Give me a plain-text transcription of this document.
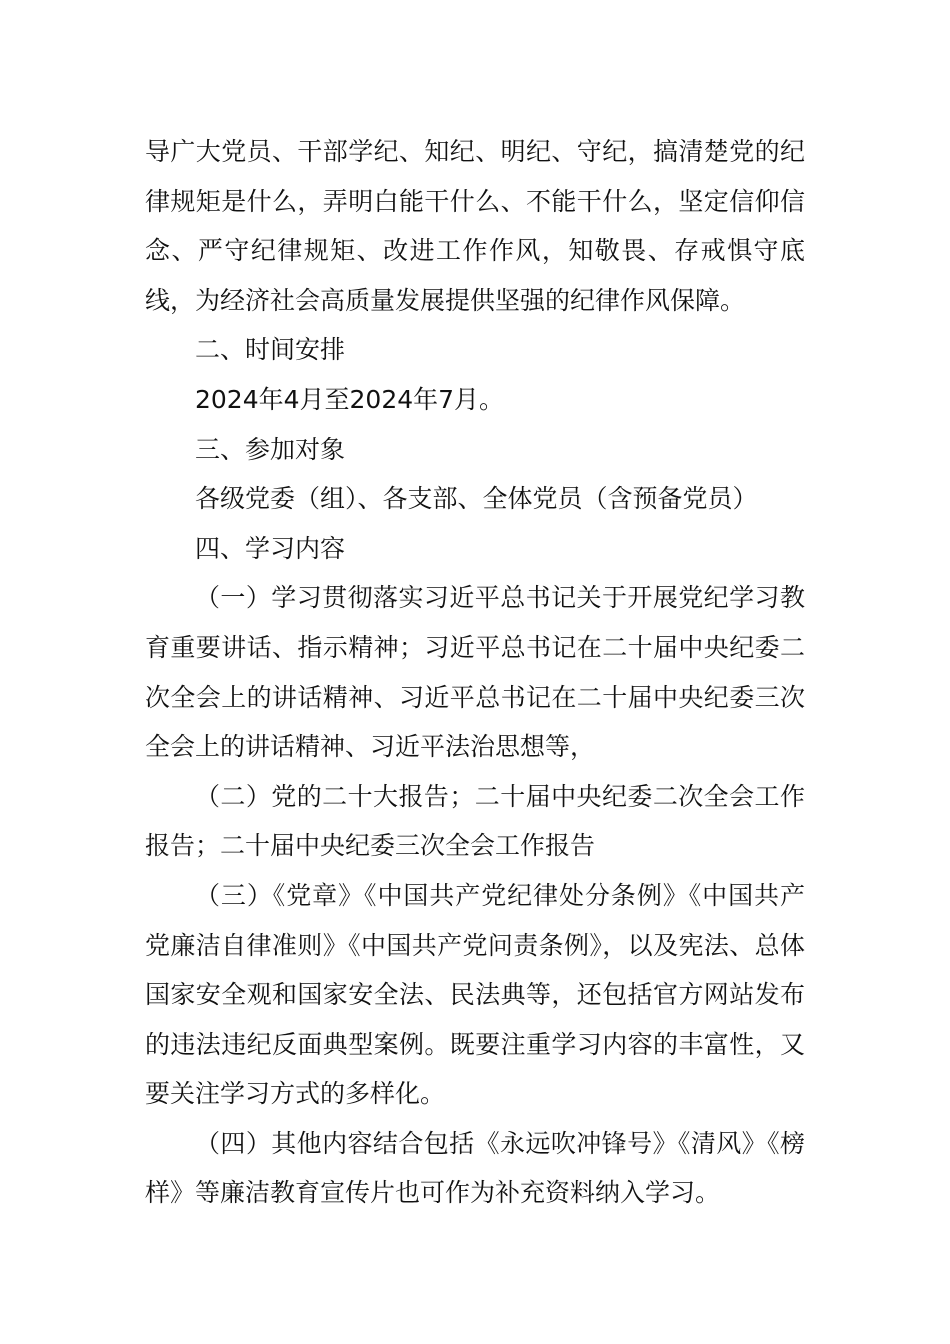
导广大党员、干部学纪、知纪、明纪、守纪，搞清楚党的纪律规矩是什么，弄明白能干什么、不能干什么，坚定信仰信念、严守纪律规矩、改进工作作风，知敬畏、存戒惧守底线，为经济社会高质量发展提供坚强的纪律作风保障。

二、时间安排

2024年4月至2024年7月。

三、参加对象

各级党委（组）、各支部、全体党员（含预备党员）

四、学习内容

（一）学习贯彻落实习近平总书记关于开展党纪学习教育重要讲话、指示精神；习近平总书记在二十届中央纪委二次全会上的讲话精神、习近平总书记在二十届中央纪委三次全会上的讲话精神、习近平法治思想等，

（二）党的二十大报告；二十届中央纪委二次全会工作报告；二十届中央纪委三次全会工作报告

（三）《党章》《中国共产党纪律处分条例》《中国共产党廉洁自律准则》《中国共产党问责条例》，以及宪法、总体国家安全观和国家安全法、民法典等，还包括官方网站发布的违法违纪反面典型案例。既要注重学习内容的丰富性，又要关注学习方式的多样化。

（四）其他内容结合包括《永远吹冲锋号》《清风》《榜样》等廉洁教育宣传片也可作为补充资料纳入学习。
